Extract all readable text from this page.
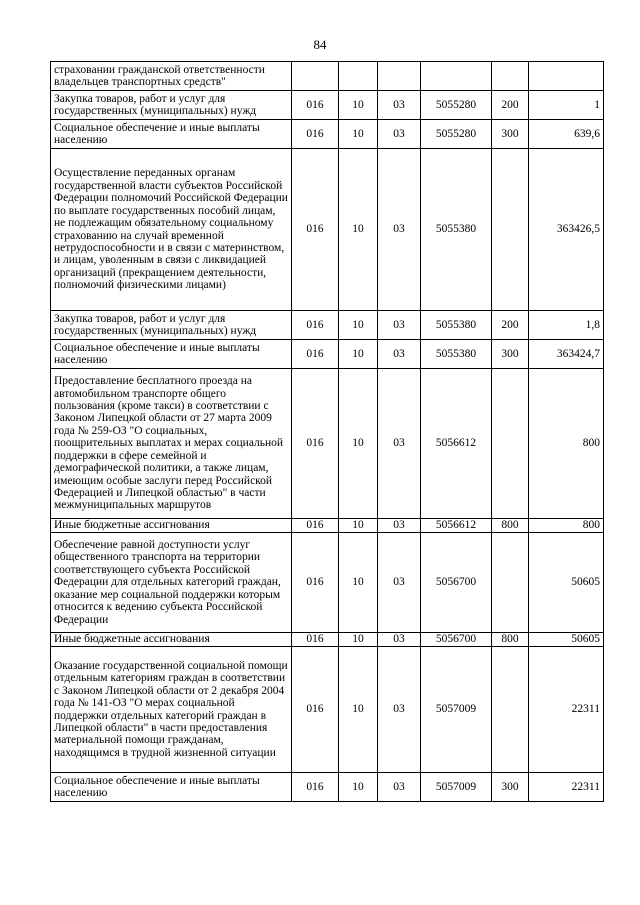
84
страховании гражданской ответственности владельцев транспортных средств"						
Закупка товаров, работ и услуг для государственных (муниципальных) нужд	016	10	03	5055280	200	1
Социальное обеспечение и иные выплаты населению	016	10	03	5055280	300	639,6
Осуществление переданных органам государственной власти субъектов Российской Федерации полномочий Российской Федерации по выплате государственных пособий лицам, не подлежащим обязательному социальному страхованию на случай временной нетрудоспособности и в связи с материнством, и лицам, уволенным в связи с ликвидацией организаций (прекращением деятельности, полномочий физическими лицами)	016	10	03	5055380		363426,5
Закупка товаров, работ и услуг для государственных (муниципальных) нужд	016	10	03	5055380	200	1,8
Социальное обеспечение и иные выплаты населению	016	10	03	5055380	300	363424,7
Предоставление бесплатного проезда на автомобильном транспорте общего пользования (кроме такси) в соответствии с Законом Липецкой области от 27 марта 2009 года № 259-ОЗ "О социальных, поощрительных выплатах и мерах социальной поддержки в сфере семейной и демографической политики, а также лицам, имеющим особые заслуги перед Российской Федерацией и Липецкой областью" в части межмуниципальных маршрутов	016	10	03	5056612		800
Иные бюджетные ассигнования	016	10	03	5056612	800	800
Обеспечение равной доступности услуг общественного транспорта на территории соответствующего субъекта Российской Федерации для отдельных категорий граждан, оказание мер социальной поддержки которым относится к ведению субъекта Российской Федерации	016	10	03	5056700		50605
Иные бюджетные ассигнования	016	10	03	5056700	800	50605
Оказание государственной социальной помощи отдельным категориям граждан в соответствии с Законом Липецкой области от 2 декабря 2004 года № 141-ОЗ "О мерах социальной поддержки отдельных категорий граждан в Липецкой области" в части предоставления материальной помощи гражданам, находящимся в трудной жизненной ситуации	016	10	03	5057009		22311
Социальное обеспечение и иные выплаты населению	016	10	03	5057009	300	22311
